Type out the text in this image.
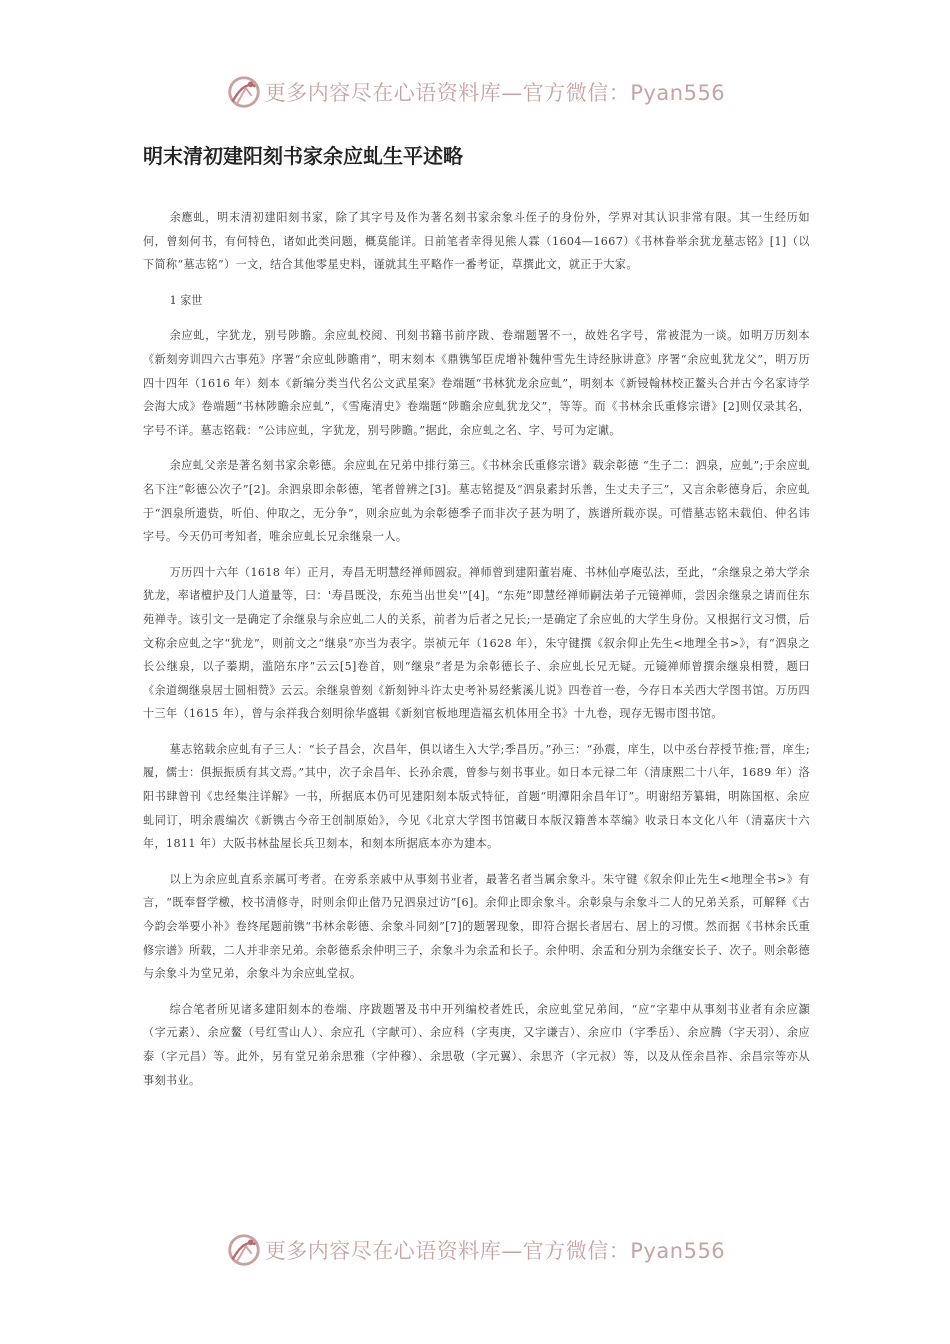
更多内容尽在心语资料库—官方微信：Pyan556
明末清初建阳刻书家余应虬生平述略

余應虬，明末清初建阳刻书家，除了其字号及作为著名刻书家余象斗侄子的身份外，学界对其认识非常有限。其一生经历如何，曾刻何书，有何特色，诸如此类问题，概莫能详。日前笔者幸得见熊人霖（1604—1667）《书林眷举余犹龙墓志铭》[1]（以下简称“墓志铭”）一文，结合其他零星史料，谨就其生平略作一番考证，草撰此文，就正于大家。

1 家世

余应虬，字犹龙，别号陟瞻。余应虬校阅、刊刻书籍书前序跋、卷端题署不一，故姓名字号，常被混为一谈。如明万历刻本《新刻旁训四六古事苑》序署“余应虬陟瞻甫”，明末刻本《鼎镌邹臣虎增补魏仲雪先生诗经脉讲意》序署“余应虬犹龙父”，明万历四十四年（1616 年）刻本《新编分类当代名公文武星案》卷端题“书林犹龙余应虬”，明刻本《新锓翰林校正鳌头合并古今名家诗学会海大成》卷端题“书林陟瞻余应虬”，《雪庵清史》卷端题“陟瞻余应虬犹龙父”，等等。而《书林余氏重修宗谱》[2]则仅录其名，字号不详。墓志铭载：“公讳应虬，字犹龙，别号陟瞻。”据此，余应虬之名、字、号可为定谳。

余应虬父亲是著名刻书家余彰德。余应虬在兄弟中排行第三。《书林余氏重修宗谱》载余彰德 “生子二：泗泉，应虬”;于余应虬名下注“彰德公次子”[2]。余泗泉即余彰德，笔者曾辨之[3]。墓志铭提及“泗泉素封乐善，生丈夫子三”，又言余彰德身后，余应虬于“泗泉所遗赀，听伯、仲取之，无分争”，则余应虬为余彰德季子而非次子甚为明了，族谱所载亦误。可惜墓志铭未载伯、仲名讳字号。今天仍可考知者，唯余应虬长兄余继泉一人。

万历四十六年（1618 年）正月，寿昌无明慧经禅师圆寂。禅师曾到建阳董岩庵、书林仙亭庵弘法，至此，“余继泉之弟大学余犹龙，率诸檀护及门人道量等，曰：'寿昌既没，东苑当出世矣'”[4]。“东苑”即慧经禅师嗣法弟子元镜禅师，尝因余继泉之请而住东苑禅寺。该引文一是确定了余继泉与余应虬二人的关系，前者为后者之兄长;一是确定了余应虬的大学生身份。又根据行文习惯，后文称余应虬之字“犹龙”，则前文之“继泉”亦当为表字。崇祯元年（1628 年），朱守键撰《叙余仰止先生<地理全书>》，有“泗泉之长公继泉，以子蓁期，滥陪东序”云云[5]卷首，则“继泉”者是为余彰德长子、余应虬长兄无疑。元镜禅师曾撰余继泉相赞，题曰《余道绸继泉居士圆相赞》云云。余继泉曾刻《新刻钟斗许太史考补易经紫溪儿说》四卷首一卷，今存日本关西大学图书馆。万历四十三年（1615 年），曾与余祥我合刻明徐华盛辑《新刻官板地理造福玄机体用全书》十九卷，现存无锡市图书馆。

墓志铭载余应虬有子三人：“长子昌会，次昌年，俱以诸生入大学;季昌历。”孙三：“孙震，庠生，以中丞台荐授节推;晋，庠生;履，儒士：俱振振质有其文焉。”其中，次子余昌年、长孙余震，曾参与刻书事业。如日本元禄二年（清康熙二十八年，1689 年）洛阳书肆曾刊《忠经集注详解》一书，所据底本仍可见建阳刻本版式特征，首题“明潭阳余昌年订”。明谢绍芳纂辑，明陈国枢、余应虬同订，明余震编次《新镌古今帝王创制原始》，今见《北京大学图书馆藏日本版汉籍善本萃编》收录日本文化八年（清嘉庆十六年，1811 年）大阪书林盐屋长兵卫刻本，和刻本所据底本亦为建本。

以上为余应虬直系亲属可考者。在旁系亲戚中从事刻书业者，最著名者当属余象斗。朱守键《叙余仰止先生<地理全书>》有言，“既奉督学檄，校书清修寺，时则余仰止偕乃兄泗泉过访”[6]。余仰止即余象斗。余彰泉与余象斗二人的兄弟关系，可解释《古今韵会举要小补》卷终尾题前镌“书林余彰德、余象斗同刻”[7]的题署现象，即符合据长者居右、居上的习惯。然而据《书林余氏重修宗谱》所载，二人并非亲兄弟。余彰德系余仲明三子，余象斗为余孟和长子。余仲明、余孟和分别为余继安长子、次子。则余彰德与余象斗为堂兄弟，余象斗为余应虬堂叔。

综合笔者所见诸多建阳刻本的卷端、序跋题署及书中开列编校者姓氏，余应虬堂兄弟间，“应”字辈中从事刻书业者有余应灝（字元素）、余应鳌（号红雪山人）、余应孔（字献可）、余应科（字夷庚，又字谦吉）、余应巾（字季岳）、余应腾（字天羽）、余应泰（字元昌）等。此外，另有堂兄弟余思雅（字仲穆）、余思敬（字元翼）、余思齐（字元叔）等，以及从侄余昌祚、余昌宗等亦从事刻书业。

更多内容尽在心语资料库—官方微信：Pyan556
